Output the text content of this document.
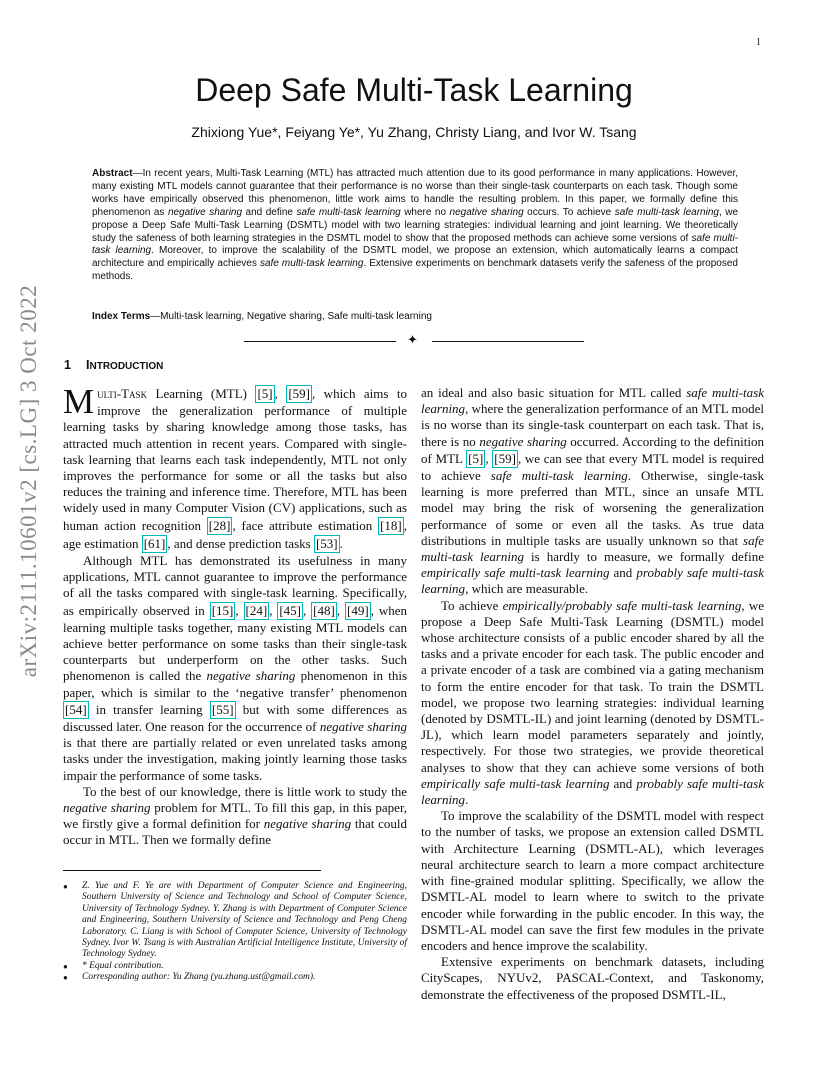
1
arXiv:2111.10601v2 [cs.LG] 3 Oct 2022
Deep Safe Multi-Task Learning
Zhixiong Yue*, Feiyang Ye*, Yu Zhang, Christy Liang, and Ivor W. Tsang
Abstract—In recent years, Multi-Task Learning (MTL) has attracted much attention due to its good performance in many applications. However, many existing MTL models cannot guarantee that their performance is no worse than their single-task counterparts on each task. Though some works have empirically observed this phenomenon, little work aims to handle the resulting problem. In this paper, we formally define this phenomenon as negative sharing and define safe multi-task learning where no negative sharing occurs. To achieve safe multi-task learning, we propose a Deep Safe Multi-Task Learning (DSMTL) model with two learning strategies: individual learning and joint learning. We theoretically study the safeness of both learning strategies in the DSMTL model to show that the proposed methods can achieve some versions of safe multi-task learning. Moreover, to improve the scalability of the DSMTL model, we propose an extension, which automatically learns a compact architecture and empirically achieves safe multi-task learning. Extensive experiments on benchmark datasets verify the safeness of the proposed methods.
Index Terms—Multi-task learning, Negative sharing, Safe multi-task learning
✦
1 INTRODUCTION

Multi-Task Learning (MTL) [5] , [59] , which aims to improve the generalization performance of multiple learning tasks by sharing knowledge among those tasks, has attracted much attention in recent years. Compared with single-task learning that learns each task independently, MTL not only improves the performance for some or all the tasks but also reduces the training and inference time. Therefore, MTL has been widely used in many Computer Vision (CV) applications, such as human action recognition [28] , face attribute estimation [18] , age estimation [61] , and dense prediction tasks [53] .

Although MTL has demonstrated its usefulness in many applications, MTL cannot guarantee to improve the performance of all the tasks compared with single-task learning. Specifically, as empirically observed in [15] , [24] , [45] , [48] , [49] , when learning multiple tasks together, many existing MTL models can achieve better performance on some tasks than their single-task counterparts but underperform on the other tasks. Such phenomenon is called the negative sharing phenomenon in this paper, which is similar to the ‘negative transfer’ phenomenon [54] in transfer learning [55] but with some differences as discussed later. One reason for the occurrence of negative sharing is that there are partially related or even unrelated tasks among tasks under the investigation, making jointly learning those tasks impair the performance of some tasks.

To the best of our knowledge, there is little work to study the negative sharing problem for MTL. To fill this gap, in this paper, we firstly give a formal definition for negative sharing that could occur in MTL. Then we formally define

● Z. Yue and F. Ye are with Department of Computer Science and Engineering, Southern University of Science and Technology and School of Computer Science, University of Technology Sydney. Y. Zhang is with Department of Computer Science and Engineering, Southern University of Science and Technology and Peng Cheng Laboratory. C. Liang is with School of Computer Science, University of Technology Sydney. Ivor W. Tsang is with Australian Artificial Intelligence Institute, University of Technology Sydney.
● * Equal contribution.
● Corresponding author: Yu Zhang (yu.zhang.ust@gmail.com).

an ideal and also basic situation for MTL called safe multi-task learning, where the generalization performance of an MTL model is no worse than its single-task counterpart on each task. That is, there is no negative sharing occurred. According to the definition of MTL [5] , [59] , we can see that every MTL model is required to achieve safe multi-task learning. Otherwise, single-task learning is more preferred than MTL, since an unsafe MTL model may bring the risk of worsening the generalization performance of some or even all the tasks. As true data distributions in multiple tasks are usually unknown so that safe multi-task learning is hardly to measure, we formally define empirically safe multi-task learning and probably safe multi-task learning, which are measurable.

To achieve empirically/probably safe multi-task learning, we propose a Deep Safe Multi-Task Learning (DSMTL) model whose architecture consists of a public encoder shared by all the tasks and a private encoder for each task. The public encoder and a private encoder of a task are combined via a gating mechanism to form the entire encoder for that task. To train the DSMTL model, we propose two learning strategies: individual learning (denoted by DSMTL-IL) and joint learning (denoted by DSMTL-JL), which learn model parameters separately and jointly, respectively. For those two strategies, we provide theoretical analyses to show that they can achieve some versions of both empirically safe multi-task learning and probably safe multi-task learning.

To improve the scalability of the DSMTL model with respect to the number of tasks, we propose an extension called DSMTL with Architecture Learning (DSMTL-AL), which leverages neural architecture search to learn a more compact architecture with fine-grained modular splitting. Specifically, we allow the DSMTL-AL model to learn where to switch to the private encoder while forwarding in the public encoder. In this way, the DSMTL-AL model can save the first few modules in the private encoders and hence improve the scalability.

Extensive experiments on benchmark datasets, including CityScapes, NYUv2, PASCAL-Context, and Taskonomy, demonstrate the effectiveness of the proposed DSMTL-IL,
